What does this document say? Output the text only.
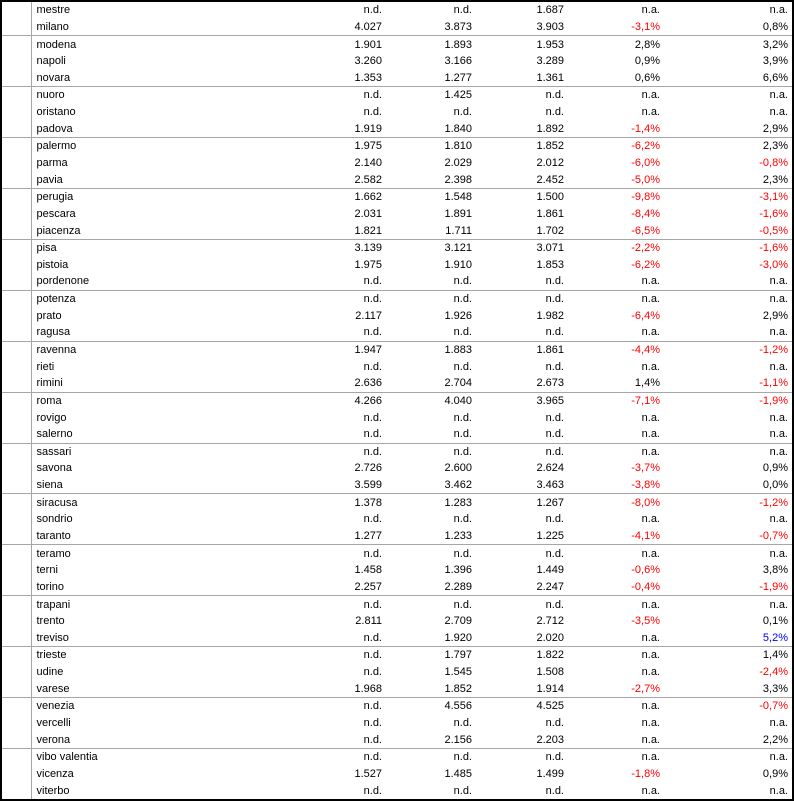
	mestre	n.d.	n.d.	1.687	n.a.	n.a.
	milano	4.027	3.873	3.903	-3,1%	0,8%
	modena	1.901	1.893	1.953	2,8%	3,2%
	napoli	3.260	3.166	3.289	0,9%	3,9%
	novara	1.353	1.277	1.361	0,6%	6,6%
	nuoro	n.d.	1.425	n.d.	n.a.	n.a.
	oristano	n.d.	n.d.	n.d.	n.a.	n.a.
	padova	1.919	1.840	1.892	-1,4%	2,9%
	palermo	1.975	1.810	1.852	-6,2%	2,3%
	parma	2.140	2.029	2.012	-6,0%	-0,8%
	pavia	2.582	2.398	2.452	-5,0%	2,3%
	perugia	1.662	1.548	1.500	-9,8%	-3,1%
	pescara	2.031	1.891	1.861	-8,4%	-1,6%
	piacenza	1.821	1.711	1.702	-6,5%	-0,5%
	pisa	3.139	3.121	3.071	-2,2%	-1,6%
	pistoia	1.975	1.910	1.853	-6,2%	-3,0%
	pordenone	n.d.	n.d.	n.d.	n.a.	n.a.
	potenza	n.d.	n.d.	n.d.	n.a.	n.a.
	prato	2.117	1.926	1.982	-6,4%	2,9%
	ragusa	n.d.	n.d.	n.d.	n.a.	n.a.
	ravenna	1.947	1.883	1.861	-4,4%	-1,2%
	rieti	n.d.	n.d.	n.d.	n.a.	n.a.
	rimini	2.636	2.704	2.673	1,4%	-1,1%
	roma	4.266	4.040	3.965	-7,1%	-1,9%
	rovigo	n.d.	n.d.	n.d.	n.a.	n.a.
	salerno	n.d.	n.d.	n.d.	n.a.	n.a.
	sassari	n.d.	n.d.	n.d.	n.a.	n.a.
	savona	2.726	2.600	2.624	-3,7%	0,9%
	siena	3.599	3.462	3.463	-3,8%	0,0%
	siracusa	1.378	1.283	1.267	-8,0%	-1,2%
	sondrio	n.d.	n.d.	n.d.	n.a.	n.a.
	taranto	1.277	1.233	1.225	-4,1%	-0,7%
	teramo	n.d.	n.d.	n.d.	n.a.	n.a.
	terni	1.458	1.396	1.449	-0,6%	3,8%
	torino	2.257	2.289	2.247	-0,4%	-1,9%
	trapani	n.d.	n.d.	n.d.	n.a.	n.a.
	trento	2.811	2.709	2.712	-3,5%	0,1%
	treviso	n.d.	1.920	2.020	n.a.	5,2%
	trieste	n.d.	1.797	1.822	n.a.	1,4%
	udine	n.d.	1.545	1.508	n.a.	-2,4%
	varese	1.968	1.852	1.914	-2,7%	3,3%
	venezia	n.d.	4.556	4.525	n.a.	-0,7%
	vercelli	n.d.	n.d.	n.d.	n.a.	n.a.
	verona	n.d.	2.156	2.203	n.a.	2,2%
	vibo valentia	n.d.	n.d.	n.d.	n.a.	n.a.
	vicenza	1.527	1.485	1.499	-1,8%	0,9%
	viterbo	n.d.	n.d.	n.d.	n.a.	n.a.
